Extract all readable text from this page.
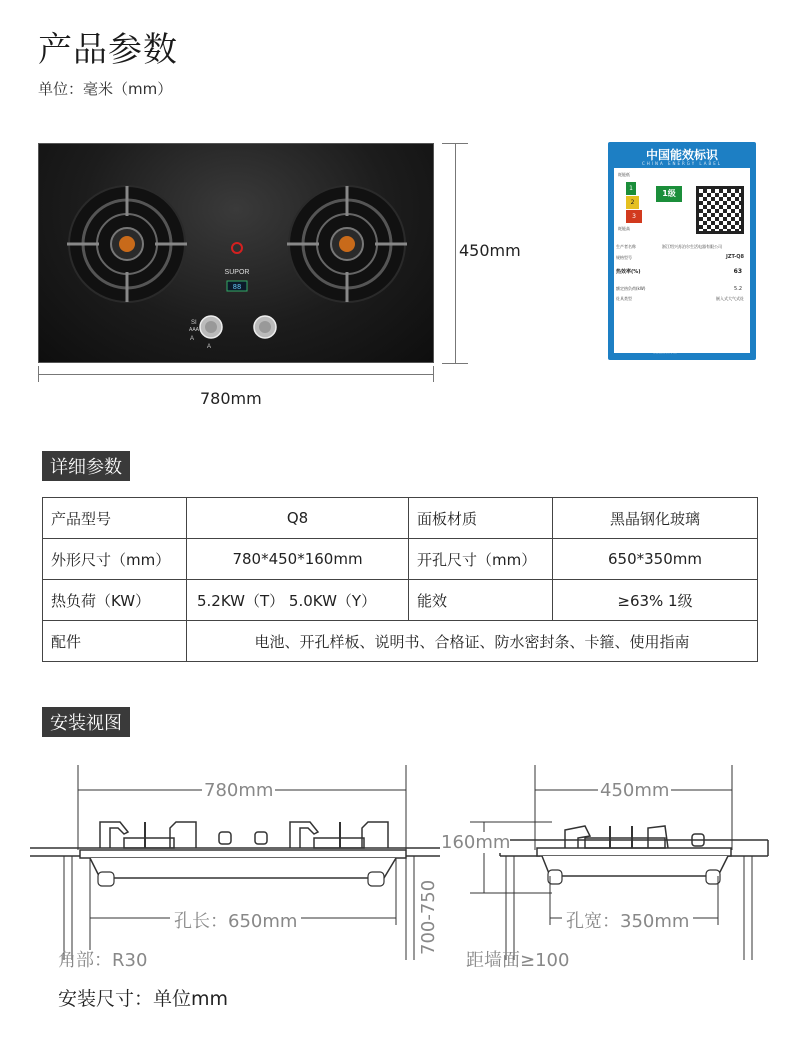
产品参数
单位：毫米（mm）
SUPOR
88
SI
AAA
A
A
450mm
780mm
中国能效标识
CHINA ENERGY LABEL
耗能低
1
2
3
耗能高
1级
生产者名称	浙江绍兴苏泊尔生活电器有限公司
规格型号	JZT-Q8
热效率(%)	63
额定热负荷(kW)	5.2
灶具类型	嵌入式大气式灶
依据国家标准: GB 30720-2014
详细参数
产品型号	Q8	面板材质	黑晶钢化玻璃
外形尺寸（mm）	780*450*160mm	开孔尺寸（mm）	650*350mm
热负荷（KW）	5.2KW（T） 5.0KW（Y）	能效	≥63% 1级
配件	电池、开孔样板、说明书、合格证、防水密封条、卡箍、使用指南		
安装视图
780mm
孔长：650mm
角部：R30
700-750
450mm
160mm
孔宽：350mm
距墙面≥100
安装尺寸：单位mm
